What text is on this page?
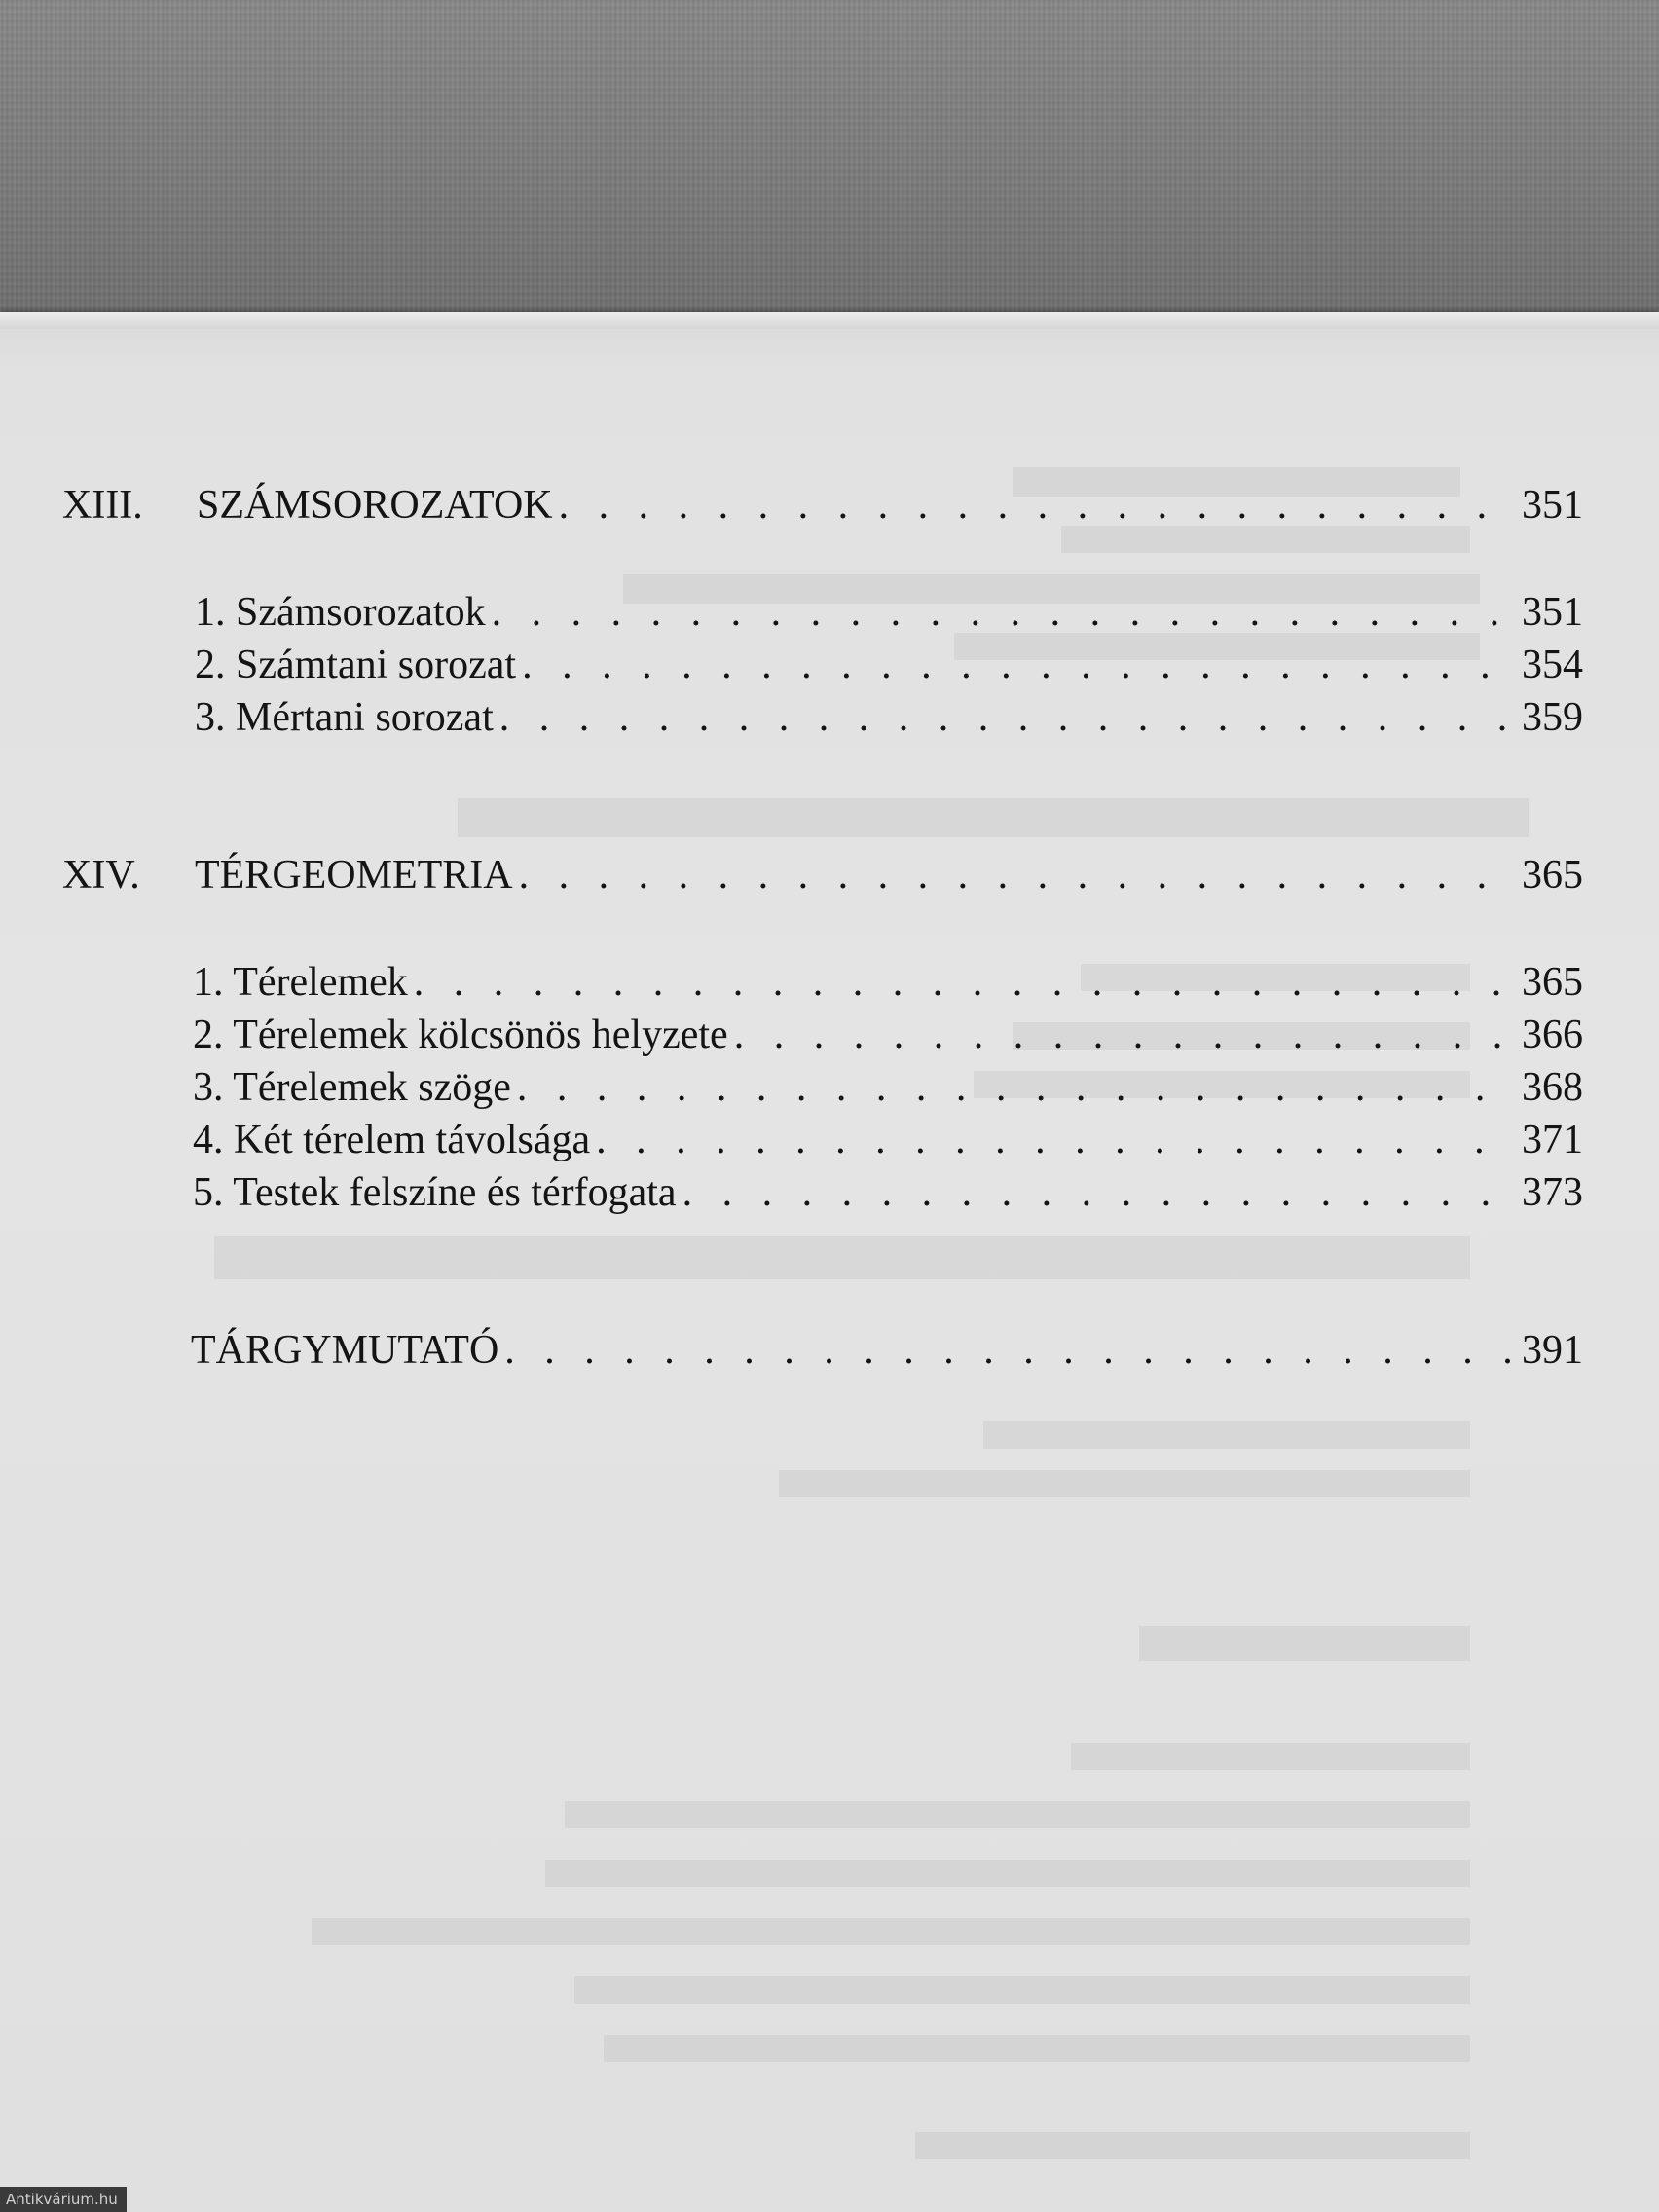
XIII.	SZÁMSOROZATOK . . .	351
1. Számsorozatok . . .	351
2. Számtani sorozat . . .	354
3. Mértani sorozat . . .	359
XIV.	TÉRGEOMETRIA . . .	365
1. Térelemek . . .	365
2. Térelemek kölcsönös helyzete . . .	366
3. Térelemek szöge . . .	368
4. Két térelem távolsága . . .	371
5. Testek felszíne és térfogata . . .	373
TÁRGYMUTATÓ . . .	391
Antikvárium.hu
